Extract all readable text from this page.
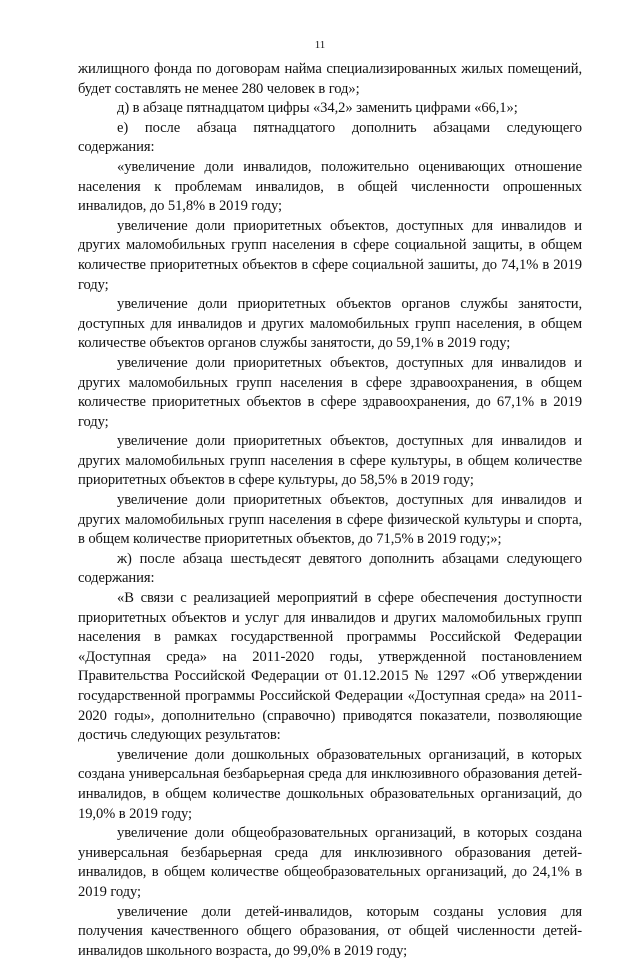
11

жилищного фонда по договорам найма специализированных жилых помещений, будет составлять не менее 280 человек в год»;

д) в абзаце пятнадцатом цифры «34,2» заменить цифрами «66,1»;

е) после абзаца пятнадцатого дополнить абзацами следующего содержания:

«увеличение доли инвалидов, положительно оценивающих отношение населения к проблемам инвалидов, в общей численности опрошенных инвалидов, до 51,8% в 2019 году;

увеличение доли приоритетных объектов, доступных для инвалидов и других маломобильных групп населения в сфере социальной защиты, в общем количестве приоритетных объектов в сфере социальной зашиты, до 74,1% в 2019 году;

увеличение доли приоритетных объектов органов службы занятости, доступных для инвалидов и других маломобильных групп населения, в общем количестве объектов органов службы занятости, до 59,1% в 2019 году;

увеличение доли приоритетных объектов, доступных для инвалидов и других маломобильных групп населения в сфере здравоохранения, в общем количестве приоритетных объектов в сфере здравоохранения, до 67,1% в 2019 году;

увеличение доли приоритетных объектов, доступных для инвалидов и других маломобильных групп населения в сфере культуры, в общем количестве приоритетных объектов в сфере культуры, до 58,5% в 2019 году;

увеличение доли приоритетных объектов, доступных для инвалидов и других маломобильных групп населения в сфере физической культуры и спорта, в общем количестве приоритетных объектов, до 71,5% в 2019 году;»;

ж) после абзаца шестьдесят девятого дополнить абзацами следующего содержания:

«В связи с реализацией мероприятий в сфере обеспечения доступности приоритетных объектов и услуг для инвалидов и других маломобильных групп населения в рамках государственной программы Российской Федерации «Доступная среда» на 2011-2020 годы, утвержденной постановлением Правительства Российской Федерации от 01.12.2015 № 1297 «Об утверждении государственной программы Российской Федерации «Доступная среда» на 2011-2020 годы», дополнительно (справочно) приводятся показатели, позволяющие достичь следующих результатов:

увеличение доли дошкольных образовательных организаций, в которых создана универсальная безбарьерная среда для инклюзивного образования детей-инвалидов, в общем количестве дошкольных образовательных организаций, до 19,0% в 2019 году;

увеличение доли общеобразовательных организаций, в которых создана универсальная безбарьерная среда для инклюзивного образования детей-инвалидов, в общем количестве общеобразовательных организаций, до 24,1% в 2019 году;

увеличение доли детей-инвалидов, которым созданы условия для получения качественного общего образования, от общей численности детей-инвалидов школьного возраста, до 99,0% в 2019 году;
